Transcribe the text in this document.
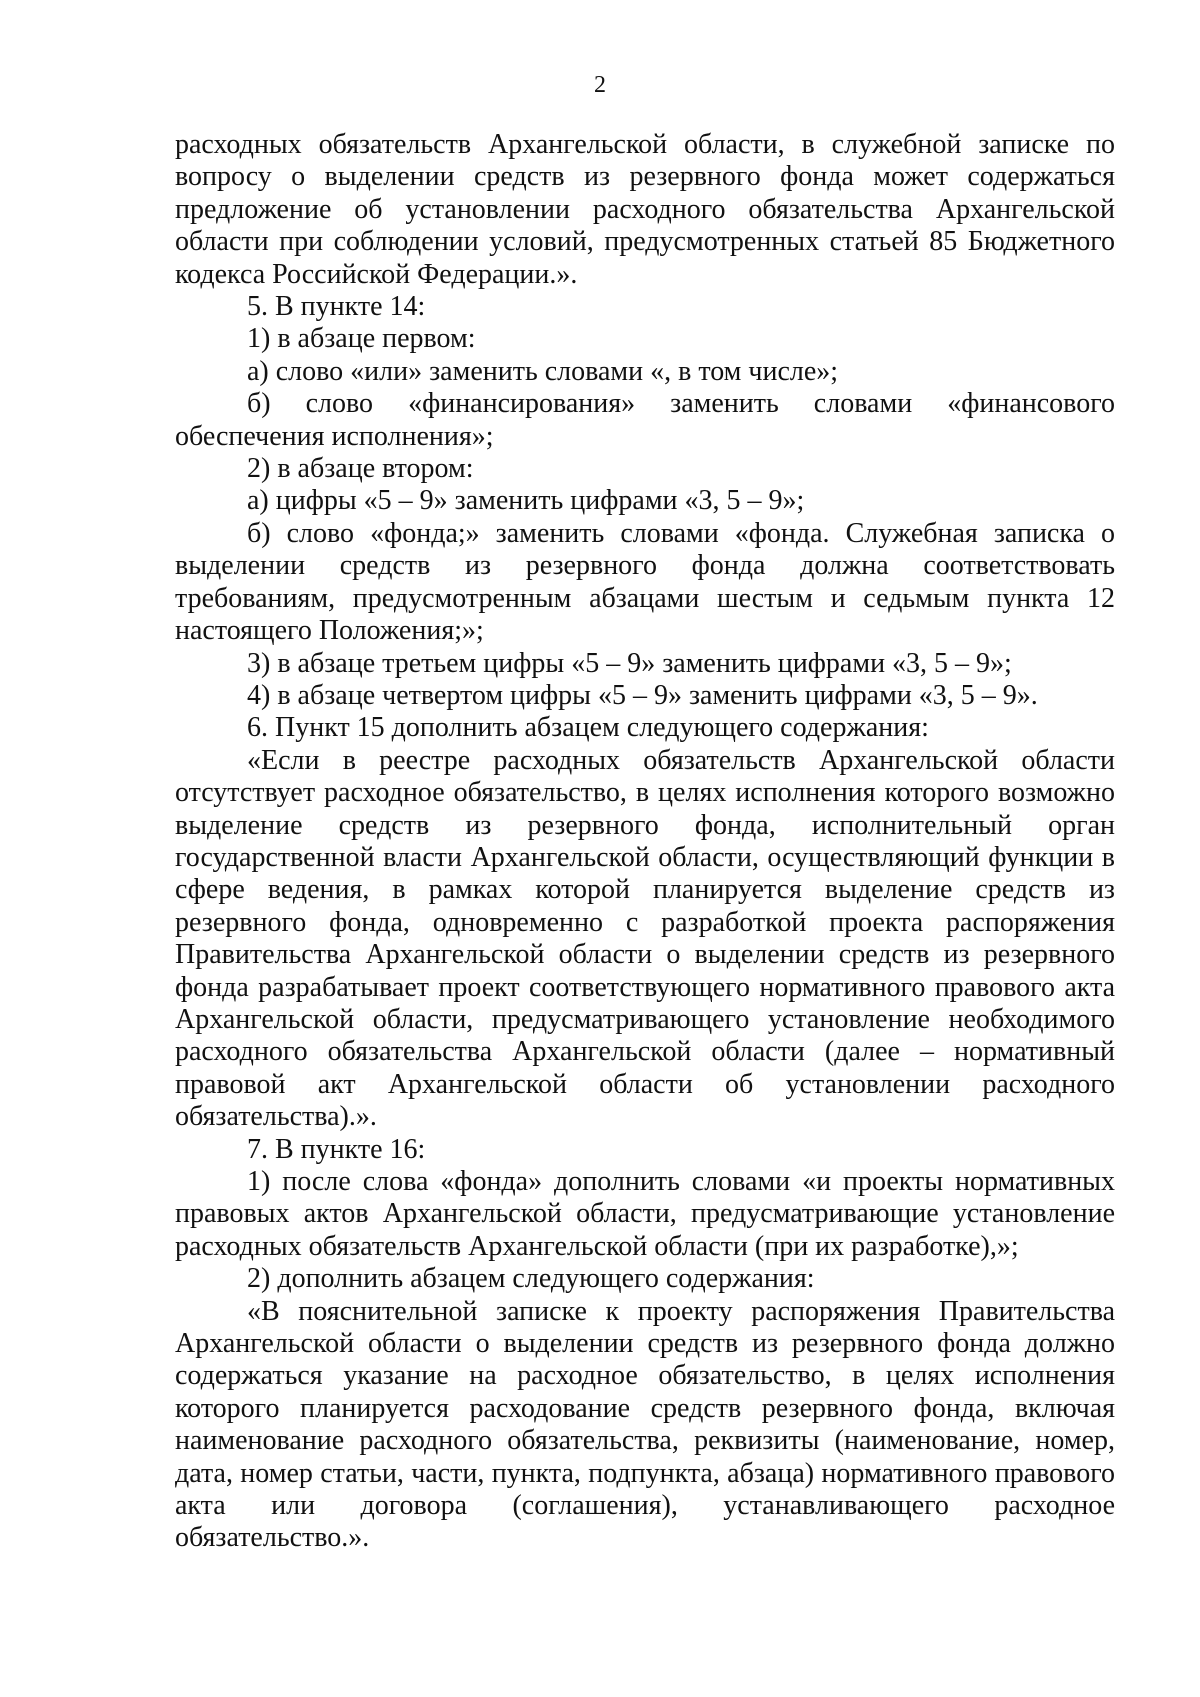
2

расходных обязательств Архангельской области, в служебной записке по вопросу о выделении средств из резервного фонда может содержаться предложение об установлении расходного обязательства Архангельской области при соблюдении условий, предусмотренных статьей 85 Бюджетного кодекса Российской Федерации.».

5. В пункте 14:

1) в абзаце первом:

а) слово «или» заменить словами «, в том числе»;

б) слово «финансирования» заменить словами «финансового обеспечения исполнения»;

2) в абзаце втором:

а) цифры «5 – 9» заменить цифрами «3, 5 – 9»;

б) слово «фонда;» заменить словами «фонда. Служебная записка о выделении средств из резервного фонда должна соответствовать требованиям, предусмотренным абзацами шестым и седьмым пункта 12 настоящего Положения;»;

3) в абзаце третьем цифры «5 – 9» заменить цифрами «3, 5 – 9»;

4) в абзаце четвертом цифры «5 – 9» заменить цифрами «3, 5 – 9».

6. Пункт 15 дополнить абзацем следующего содержания:

«Если в реестре расходных обязательств Архангельской области отсутствует расходное обязательство, в целях исполнения которого возможно выделение средств из резервного фонда, исполнительный орган государственной власти Архангельской области, осуществляющий функции в сфере ведения, в рамках которой планируется выделение средств из резервного фонда, одновременно с разработкой проекта распоряжения Правительства Архангельской области о выделении средств из резервного фонда разрабатывает проект соответствующего нормативного правового акта Архангельской области, предусматривающего установление необходимого расходного обязательства Архангельской области (далее – нормативный правовой акт Архангельской области об установлении расходного обязательства).».

7. В пункте 16:

1) после слова «фонда» дополнить словами «и проекты нормативных правовых актов Архангельской области, предусматривающие установление расходных обязательств Архангельской области (при их разработке),»;

2) дополнить абзацем следующего содержания:

«В пояснительной записке к проекту распоряжения Правительства Архангельской области о выделении средств из резервного фонда должно содержаться указание на расходное обязательство, в целях исполнения которого планируется расходование средств резервного фонда, включая наименование расходного обязательства, реквизиты (наименование, номер, дата, номер статьи, части, пункта, подпункта, абзаца) нормативного правового акта или договора (соглашения), устанавливающего расходное обязательство.».
